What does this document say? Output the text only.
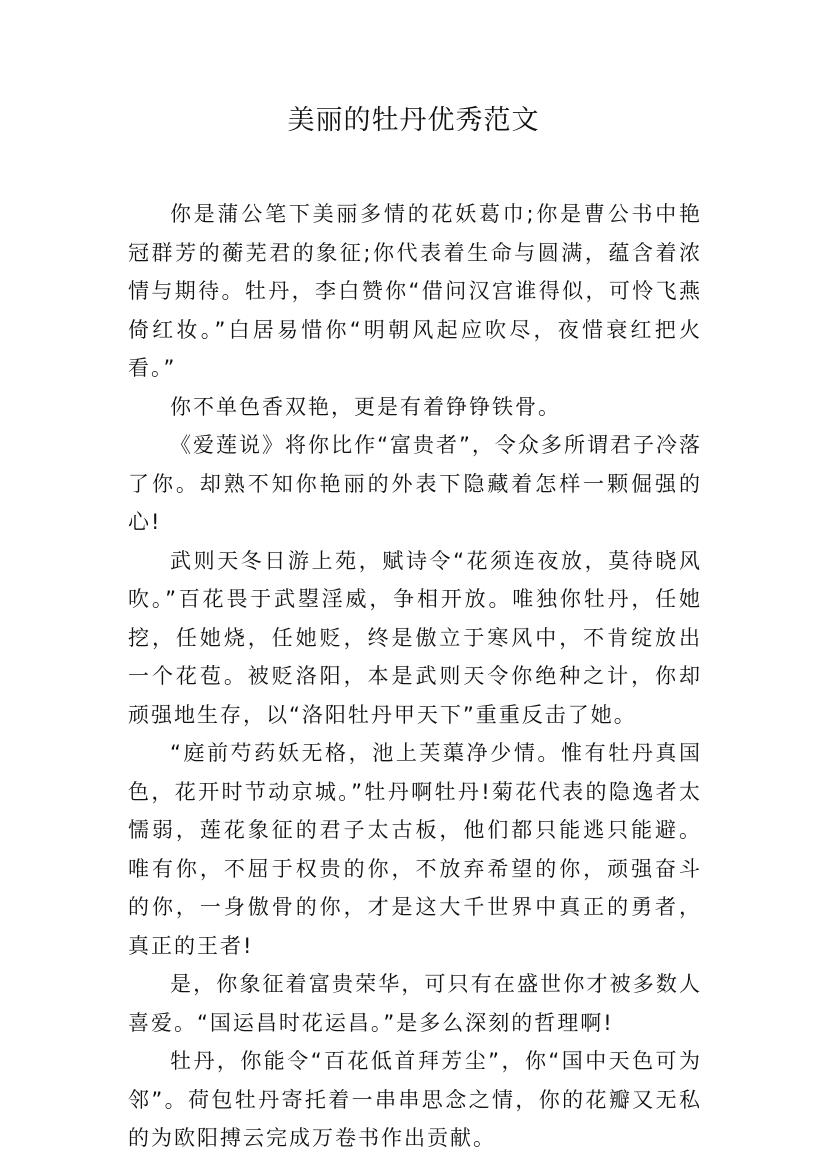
美丽的牡丹优秀范文

你是蒲公笔下美丽多情的花妖葛巾;你是曹公书中艳冠群芳的蘅芜君的象征;你代表着生命与圆满，蕴含着浓情与期待。牡丹，李白赞你“借问汉宫谁得似，可怜飞燕倚红妆。”白居易惜你“明朝风起应吹尽，夜惜衰红把火看。”

你不单色香双艳，更是有着铮铮铁骨。

《爱莲说》将你比作“富贵者”，令众多所谓君子冷落了你。却熟不知你艳丽的外表下隐藏着怎样一颗倔强的心!

武则天冬日游上苑，赋诗令“花须连夜放，莫待晓风吹。”百花畏于武曌淫威，争相开放。唯独你牡丹，任她挖，任她烧，任她贬，终是傲立于寒风中，不肯绽放出一个花苞。被贬洛阳，本是武则天令你绝种之计，你却顽强地生存，以“洛阳牡丹甲天下”重重反击了她。

“庭前芍药妖无格，池上芙蕖净少情。惟有牡丹真国色，花开时节动京城。”牡丹啊牡丹!菊花代表的隐逸者太懦弱，莲花象征的君子太古板，他们都只能逃只能避。唯有你，不屈于权贵的你，不放弃希望的你，顽强奋斗的你，一身傲骨的你，才是这大千世界中真正的勇者，真正的王者!

是，你象征着富贵荣华，可只有在盛世你才被多数人喜爱。“国运昌时花运昌。”是多么深刻的哲理啊!

牡丹，你能令“百花低首拜芳尘”，你“国中天色可为邻”。荷包牡丹寄托着一串串思念之情，你的花瓣又无私的为欧阳搏云完成万卷书作出贡献。
